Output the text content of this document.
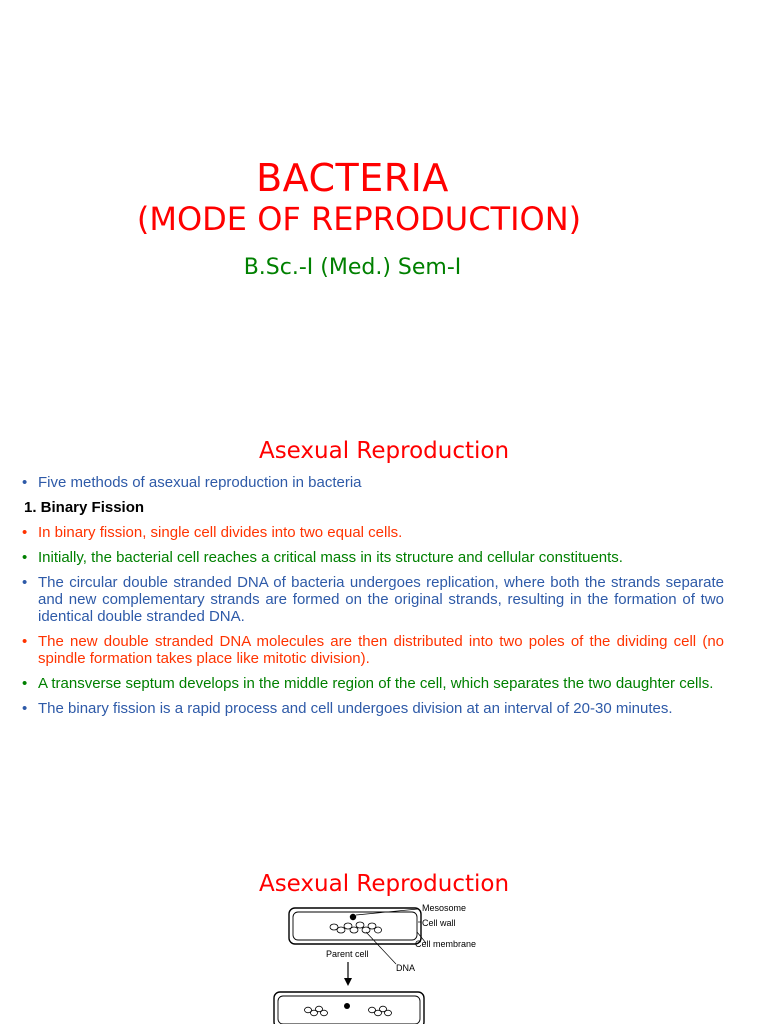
BACTERIA
(MODE OF REPRODUCTION)
B.Sc.-I (Med.) Sem-I
Asexual Reproduction
• Five methods of asexual reproduction in bacteria
1. Binary Fission
• In binary fission, single cell divides into two equal cells.
• Initially, the bacterial cell reaches a critical mass in its structure and cellular constituents.
• The circular double stranded DNA of bacteria undergoes replication, where both the strands separate and new complementary strands are formed on the original strands, resulting in the formation of two identical double stranded DNA.
• The new double stranded DNA molecules are then distributed into two poles of the dividing cell (no spindle formation takes place like mitotic division).
• A transverse septum develops in the middle region of the cell, which separates the two daughter cells.
• The binary fission is a rapid process and cell undergoes division at an interval of 20-30 minutes.
Asexual Reproduction
Mesosome
Cell wall
Cell membrane
Parent cell
DNA
